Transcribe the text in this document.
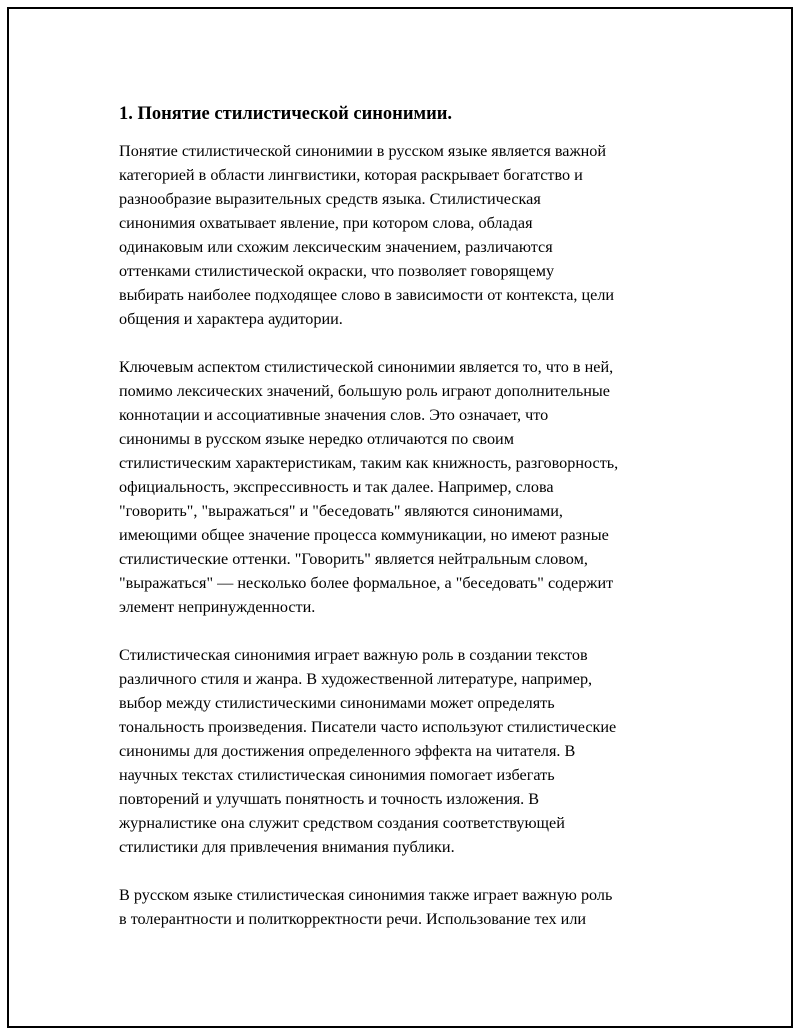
1. Понятие стилистической синонимии.

Понятие стилистической синонимии в русском языке является важной
категорией в области лингвистики, которая раскрывает богатство и
разнообразие выразительных средств языка. Стилистическая
синонимия охватывает явление, при котором слова, обладая
одинаковым или схожим лексическим значением, различаются
оттенками стилистической окраски, что позволяет говорящему
выбирать наиболее подходящее слово в зависимости от контекста, цели
общения и характера аудитории.

Ключевым аспектом стилистической синонимии является то, что в ней,
помимо лексических значений, большую роль играют дополнительные
коннотации и ассоциативные значения слов. Это означает, что
синонимы в русском языке нередко отличаются по своим
стилистическим характеристикам, таким как книжность, разговорность,
официальность, экспрессивность и так далее. Например, слова
"говорить", "выражаться" и "беседовать" являются синонимами,
имеющими общее значение процесса коммуникации, но имеют разные
стилистические оттенки. "Говорить" является нейтральным словом,
"выражаться" — несколько более формальное, а "беседовать" содержит
элемент непринужденности.

Стилистическая синонимия играет важную роль в создании текстов
различного стиля и жанра. В художественной литературе, например,
выбор между стилистическими синонимами может определять
тональность произведения. Писатели часто используют стилистические
синонимы для достижения определенного эффекта на читателя. В
научных текстах стилистическая синонимия помогает избегать
повторений и улучшать понятность и точность изложения. В
журналистике она служит средством создания соответствующей
стилистики для привлечения внимания публики.

В русском языке стилистическая синонимия также играет важную роль
в толерантности и политкорректности речи. Использование тех или
